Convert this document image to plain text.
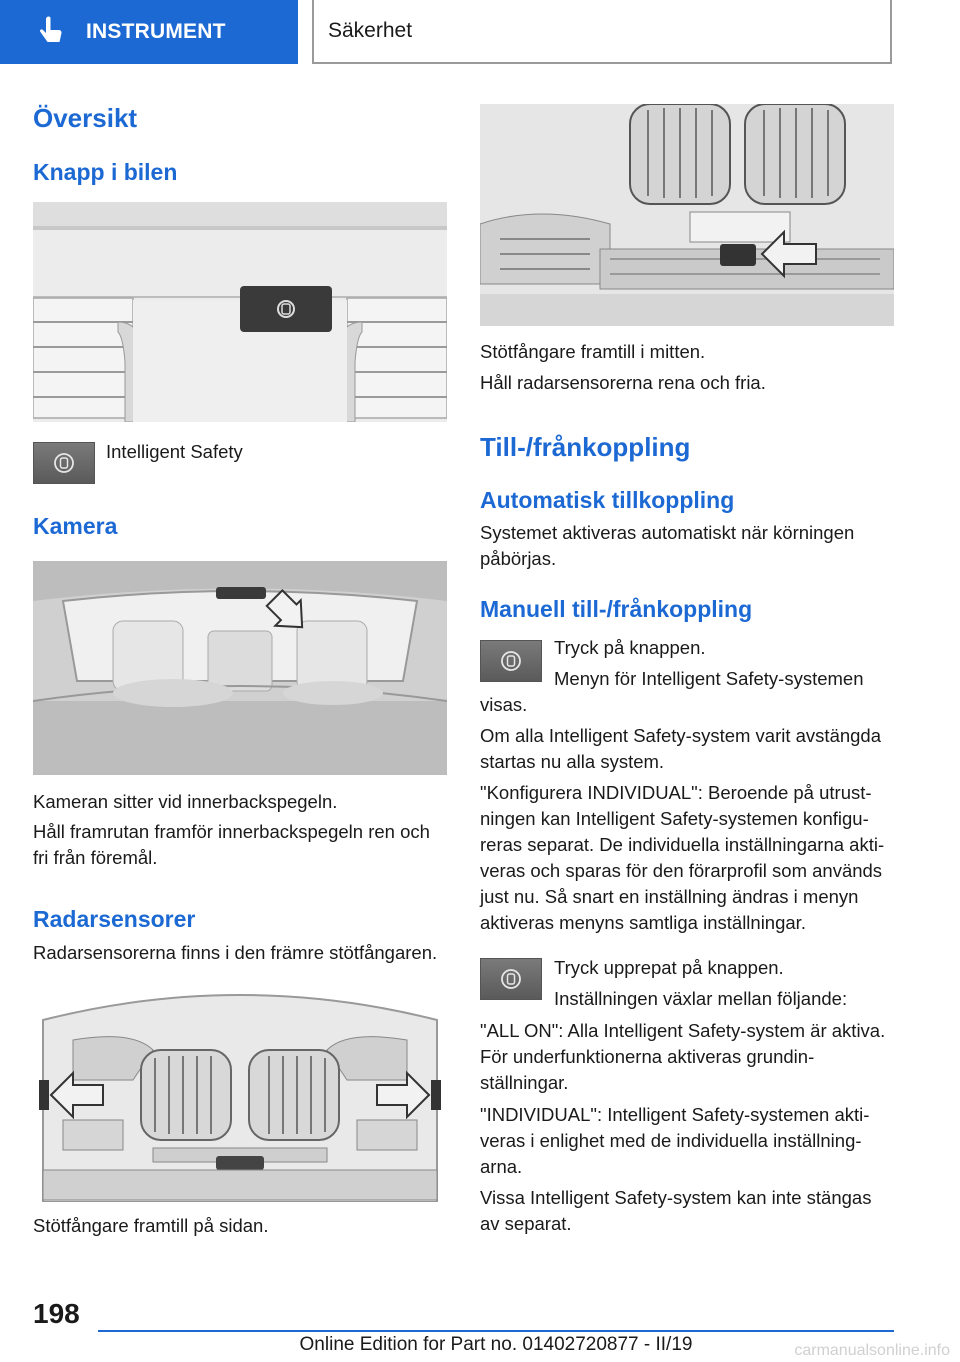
INSTRUMENT	Säkerhet
Översikt
Knapp i bilen

Intelligent Safety

Kamera

Kameran sitter vid innerbackspegeln.

Håll framrutan framför innerbackspegeln ren och fri från föremål.

Radarsensorer

Radarsensorerna finns i den främre stötfångaren.

Stötfångare framtill på sidan.

Stötfångare framtill i mitten.

Håll radarsensorerna rena och fria.

Till-/frånkoppling
Automatisk tillkoppling

Systemet aktiveras automatiskt när körningen påbörjas.

Manuell till-/frånkoppling

Tryck på knappen.

Menyn för Intelligent Safety-systemen visas.

Om alla Intelligent Safety-system varit avstängda startas nu alla system.

"Konfigurera INDIVIDUAL": Beroende på utrustningen kan Intelligent Safety-systemen konfigureras separat. De individuella inställningarna aktiveras och sparas för den förarprofil som används just nu. Så snart en inställning ändras i menyn aktiveras menyns samtliga inställningar.

Tryck upprepat på knappen.

Inställningen växlar mellan följande:

"ALL ON": Alla Intelligent Safety-system är aktiva. För underfunktionerna aktiveras grundinställningar.

"INDIVIDUAL": Intelligent Safety-systemen aktiveras i enlighet med de individuella inställningarna.

Vissa Intelligent Safety-system kan inte stängas av separat.

198
Online Edition for Part no. 01402720877 - II/19	carmanualsonline.info
